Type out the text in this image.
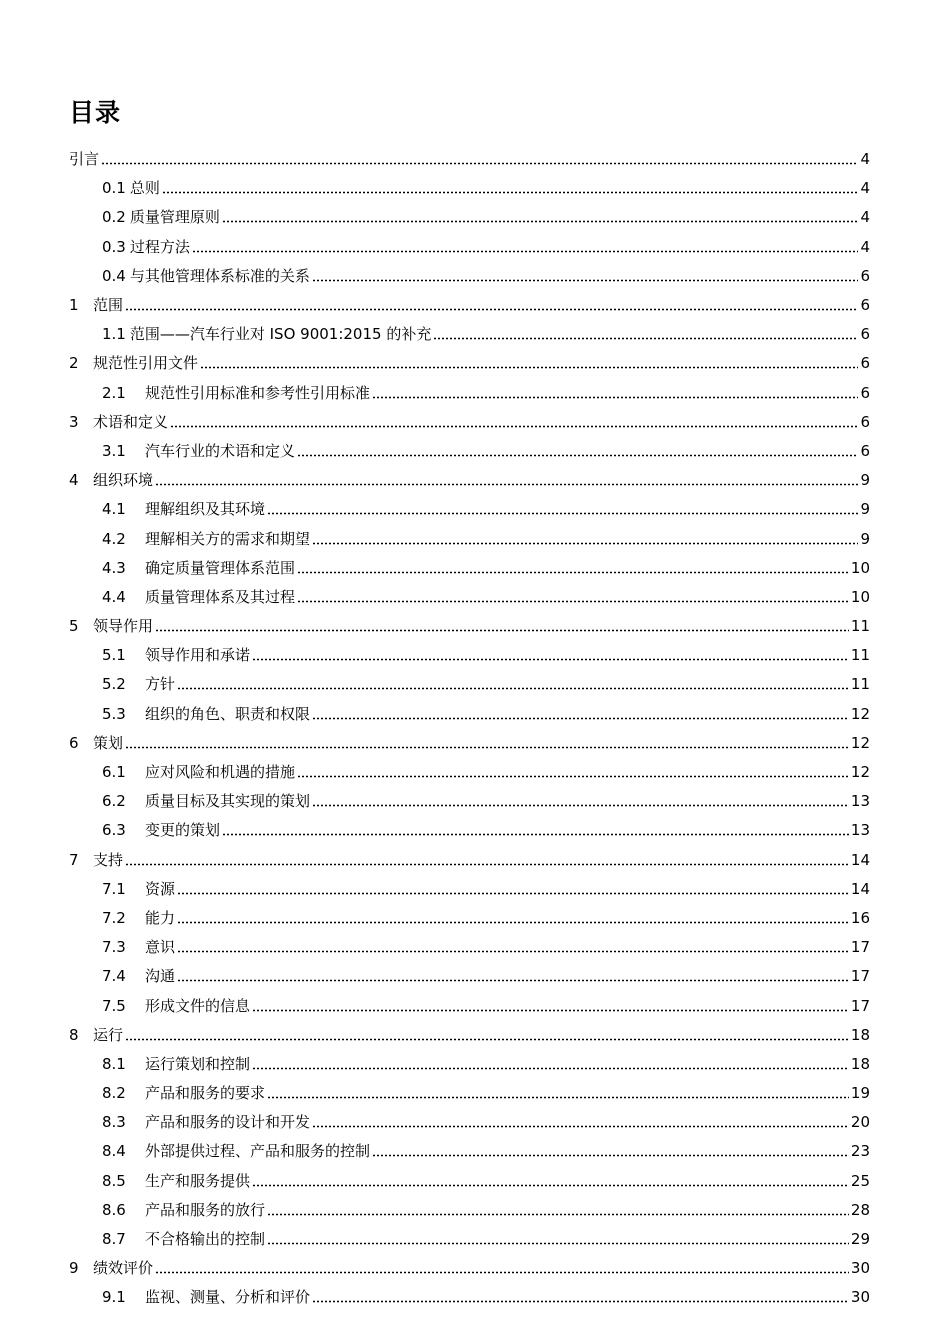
目录
引言	4
0.1 总则	4
0.2 质量管理原则	4
0.3 过程方法	4
0.4 与其他管理体系标准的关系	6
1 范围	6
1.1 范围——汽车行业对 ISO 9001:2015 的补充	6
2 规范性引用文件	6
2.1	规范性引用标准和参考性引用标准	6
3 术语和定义	6
3.1	汽车行业的术语和定义	6
4 组织环境	9
4.1	理解组织及其环境	9
4.2	理解相关方的需求和期望	9
4.3	确定质量管理体系范围	10
4.4	质量管理体系及其过程	10
5 领导作用	11
5.1	领导作用和承诺	11
5.2	方针	11
5.3	组织的角色、职责和权限	12
6 策划	12
6.1	应对风险和机遇的措施	12
6.2	质量目标及其实现的策划	13
6.3	变更的策划	13
7 支持	14
7.1	资源	14
7.2	能力	16
7.3	意识	17
7.4	沟通	17
7.5	形成文件的信息	17
8 运行	18
8.1	运行策划和控制	18
8.2	产品和服务的要求	19
8.3	产品和服务的设计和开发	20
8.4	外部提供过程、产品和服务的控制	23
8.5	生产和服务提供	25
8.6	产品和服务的放行	28
8.7	不合格输出的控制	29
9 绩效评价	30
9.1	监视、测量、分析和评价	30
